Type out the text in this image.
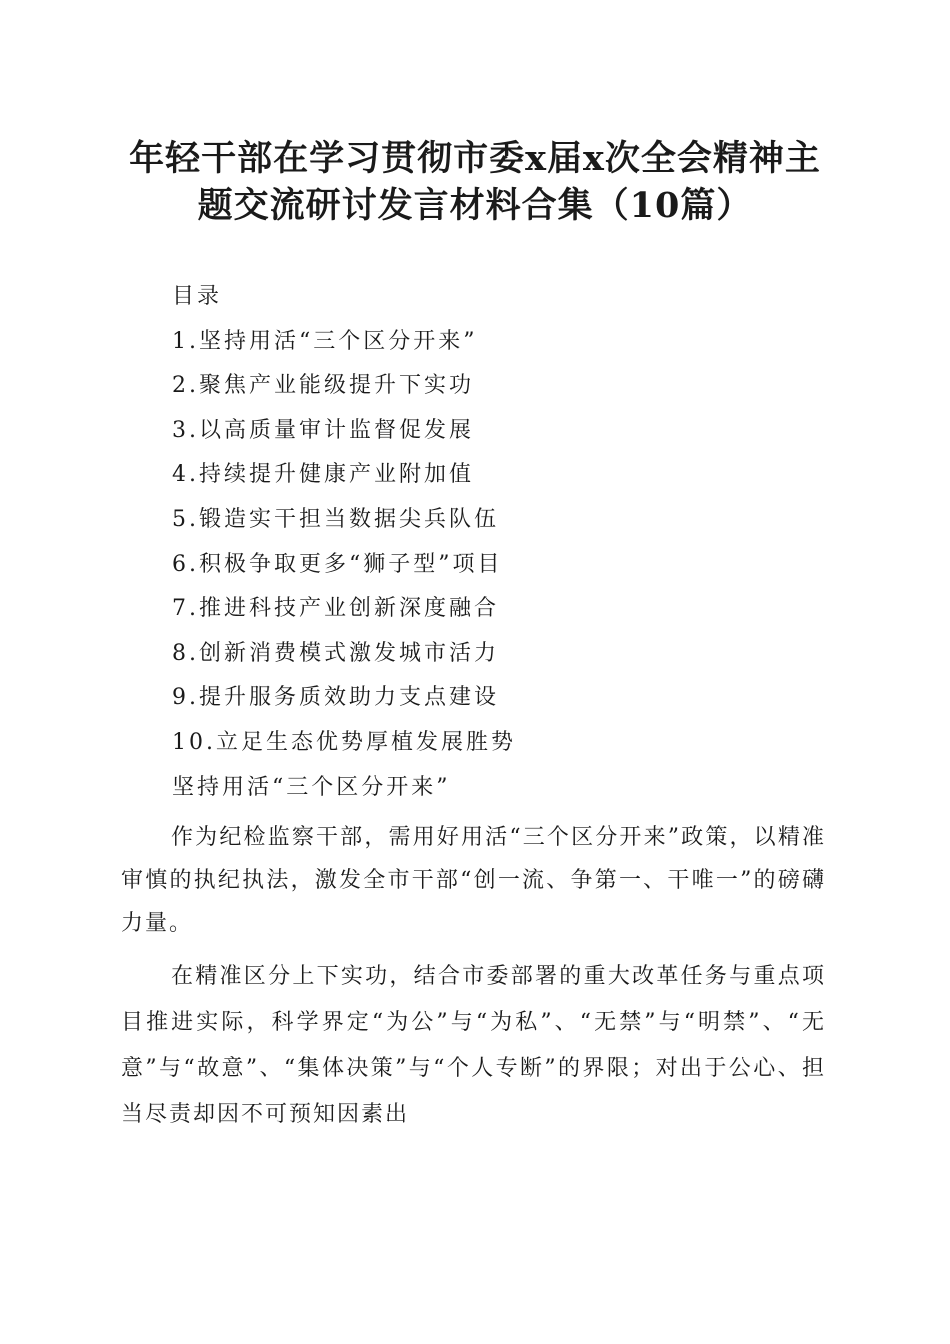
年轻干部在学习贯彻市委x届x次全会精神主
题交流研讨发言材料合集（10篇）
目录
1.坚持用活“三个区分开来”
2.聚焦产业能级提升下实功
3.以高质量审计监督促发展
4.持续提升健康产业附加值
5.锻造实干担当数据尖兵队伍
6.积极争取更多“狮子型”项目
7.推进科技产业创新深度融合
8.创新消费模式激发城市活力
9.提升服务质效助力支点建设
10.立足生态优势厚植发展胜势
坚持用活“三个区分开来”

作为纪检监察干部，需用好用活“三个区分开来”政策，以精准审慎的执纪执法，激发全市干部“创一流、争第一、干唯一”的磅礴力量。

在精准区分上下实功，结合市委部署的重大改革任务与重点项目推进实际，科学界定“为公”与“为私”、“无禁”与“明禁”、“无意”与“故意”、“集体决策”与“个人专断”的界限；对出于公心、担当尽责却因不可预知因素出
